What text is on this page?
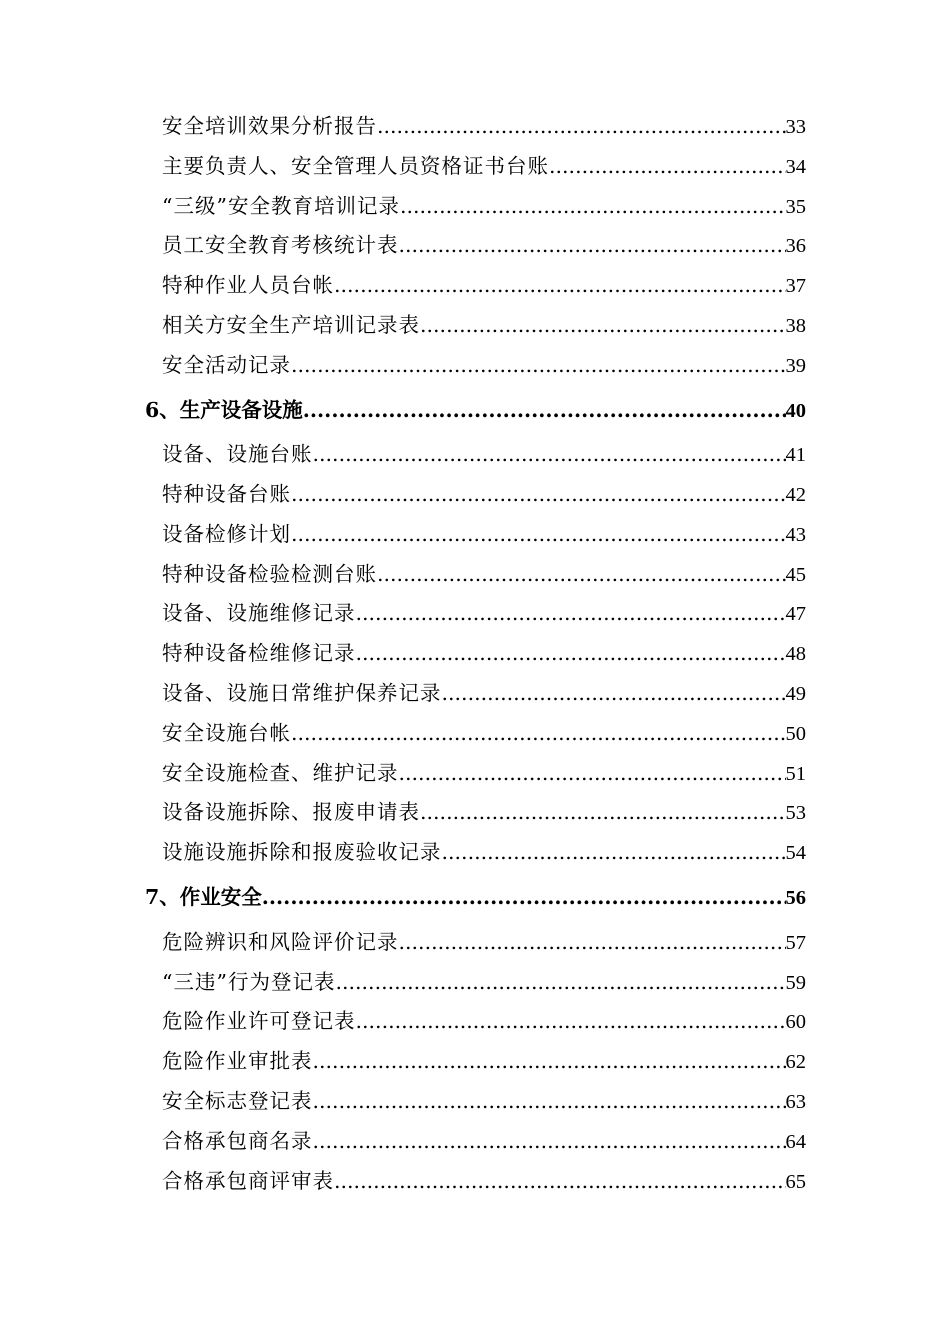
安全培训效果分析报告 .....	33
主要负责人、安全管理人员资格证书台账 .....	34
“三级”安全教育培训记录 .....	35
员工安全教育考核统计表 .....	36
特种作业人员台帐 .....	37
相关方安全生产培训记录表 .....	38
安全活动记录 .....	39
6、生产设备设施 .....	40
设备、设施台账 .....	41
特种设备台账 .....	42
设备检修计划 .....	43
特种设备检验检测台账 .....	45
设备、设施维修记录 .....	47
特种设备检维修记录 .....	48
设备、设施日常维护保养记录 .....	49
安全设施台帐 .....	50
安全设施检查、维护记录 .....	51
设备设施拆除、报废申请表 .....	53
设施设施拆除和报废验收记录 .....	54
7、作业安全 .....	56
危险辨识和风险评价记录 .....	57
“三违”行为登记表 .....	59
危险作业许可登记表 .....	60
危险作业审批表 .....	62
安全标志登记表 .....	63
合格承包商名录 .....	64
合格承包商评审表 .....	65
